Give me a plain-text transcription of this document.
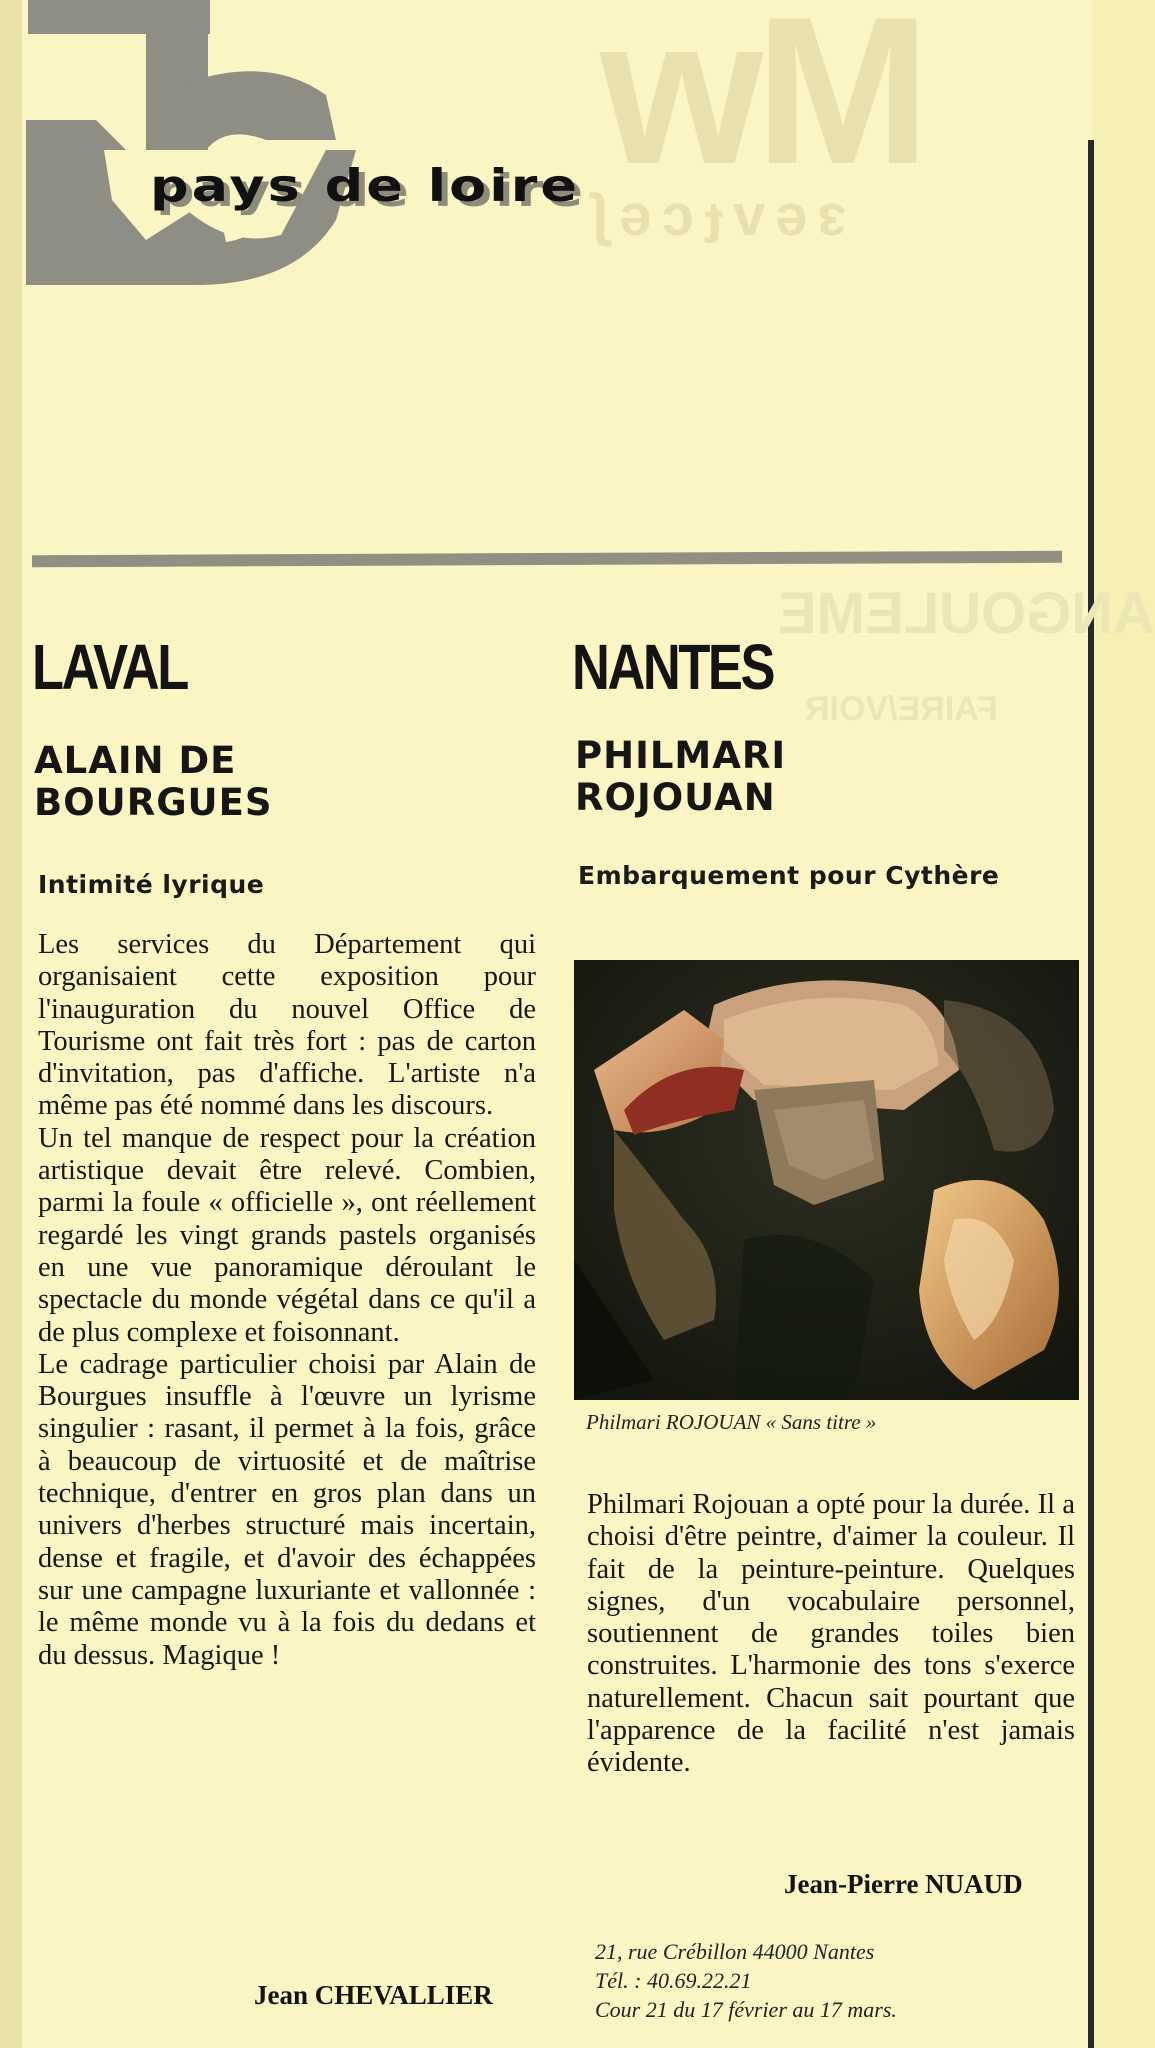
wM
ʃɘɔʇʌɘɛ
ANGOULEME
FAIRE/VOIR
pays de loire
LAVAL
ALAIN DE BOURGUES
Intimité lyrique

Les services du Département qui organisaient cette exposition pour l'inauguration du nouvel Office de Tourisme ont fait très fort : pas de carton d'invitation, pas d'affiche. L'artiste n'a même pas été nommé dans les discours.

Un tel manque de respect pour la création artistique devait être relevé. Combien, parmi la foule « officielle », ont réellement regardé les vingt grands pastels organisés en une vue panoramique déroulant le spectacle du monde végétal dans ce qu'il a de plus complexe et foisonnant.

Le cadrage particulier choisi par Alain de Bourgues insuffle à l'œuvre un lyrisme singulier : rasant, il permet à la fois, grâce à beaucoup de virtuosité et de maîtrise technique, d'entrer en gros plan dans un univers d'herbes structuré mais incertain, dense et fragile, et d'avoir des échappées sur une campagne luxuriante et vallonnée : le même monde vu à la fois du dedans et du dessus. Magique !

Jean CHEVALLIER
NANTES
PHILMARI ROJOUAN
Embarquement pour Cythère

Philmari ROJOUAN « Sans titre »

Philmari Rojouan a opté pour la durée. Il a choisi d'être peintre, d'aimer la couleur. Il fait de la peinture-peinture. Quelques signes, d'un vocabulaire personnel, soutiennent de grandes toiles bien construites. L'harmonie des tons s'exerce naturellement. Chacun sait pourtant que l'apparence de la facilité n'est jamais évidente.

Jean-Pierre NUAUD
21, rue Crébillon 44000 Nantes
Tél. : 40.69.22.21
Cour 21 du 17 février au 17 mars.
